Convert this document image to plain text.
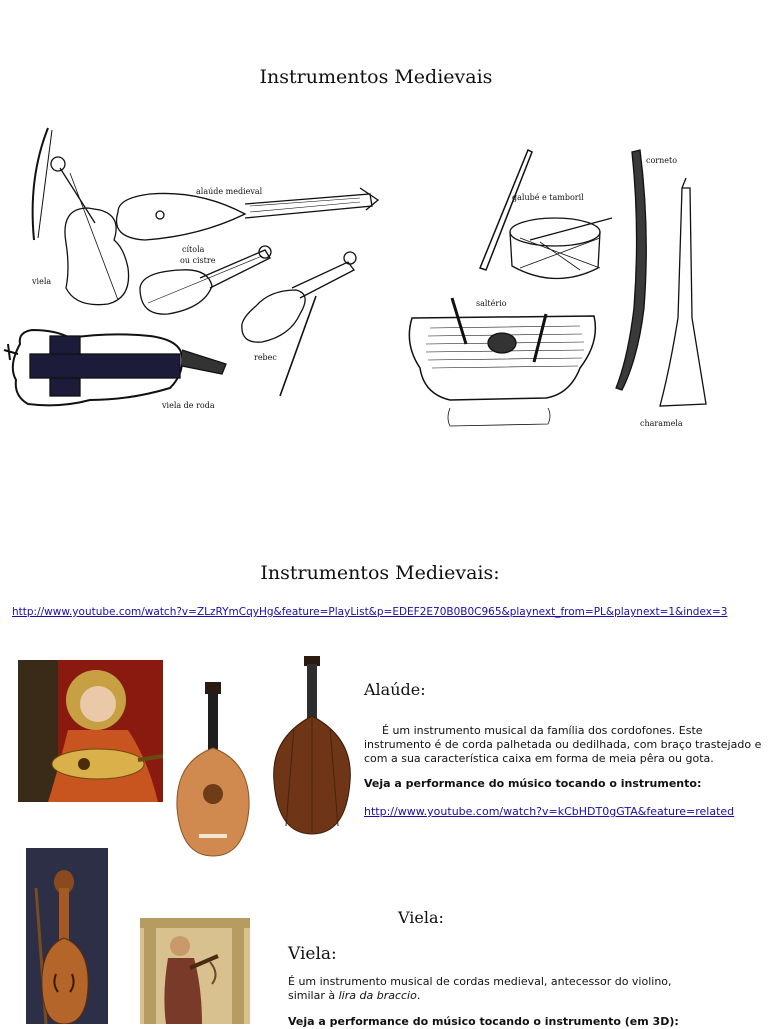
Instrumentos Medievais
viela
alaúde medieval
cítola
ou cistre
rebec
viela de roda
galubé e tamboril
corneto
saltério
charamela
Instrumentos Medievais:
http://www.youtube.com/watch?v=ZLzRYmCqyHg&feature=PlayList&p=EDEF2E70B0B0C965&playnext_from=PL&playnext=1&index=3
Alaúde:
É um instrumento musical da família dos cordofones. Este instrumento é de corda palhetada ou dedilhada, com braço trastejado e com a sua característica caixa em forma de meia pêra ou gota.
Veja a performance do músico tocando o instrumento:
http://www.youtube.com/watch?v=kCbHDT0gGTA&feature=related
Viela:
Viela:
É um instrumento musical de cordas medieval, antecessor do violino, similar à lira da braccio.
Veja a performance do músico tocando o instrumento (em 3D):
